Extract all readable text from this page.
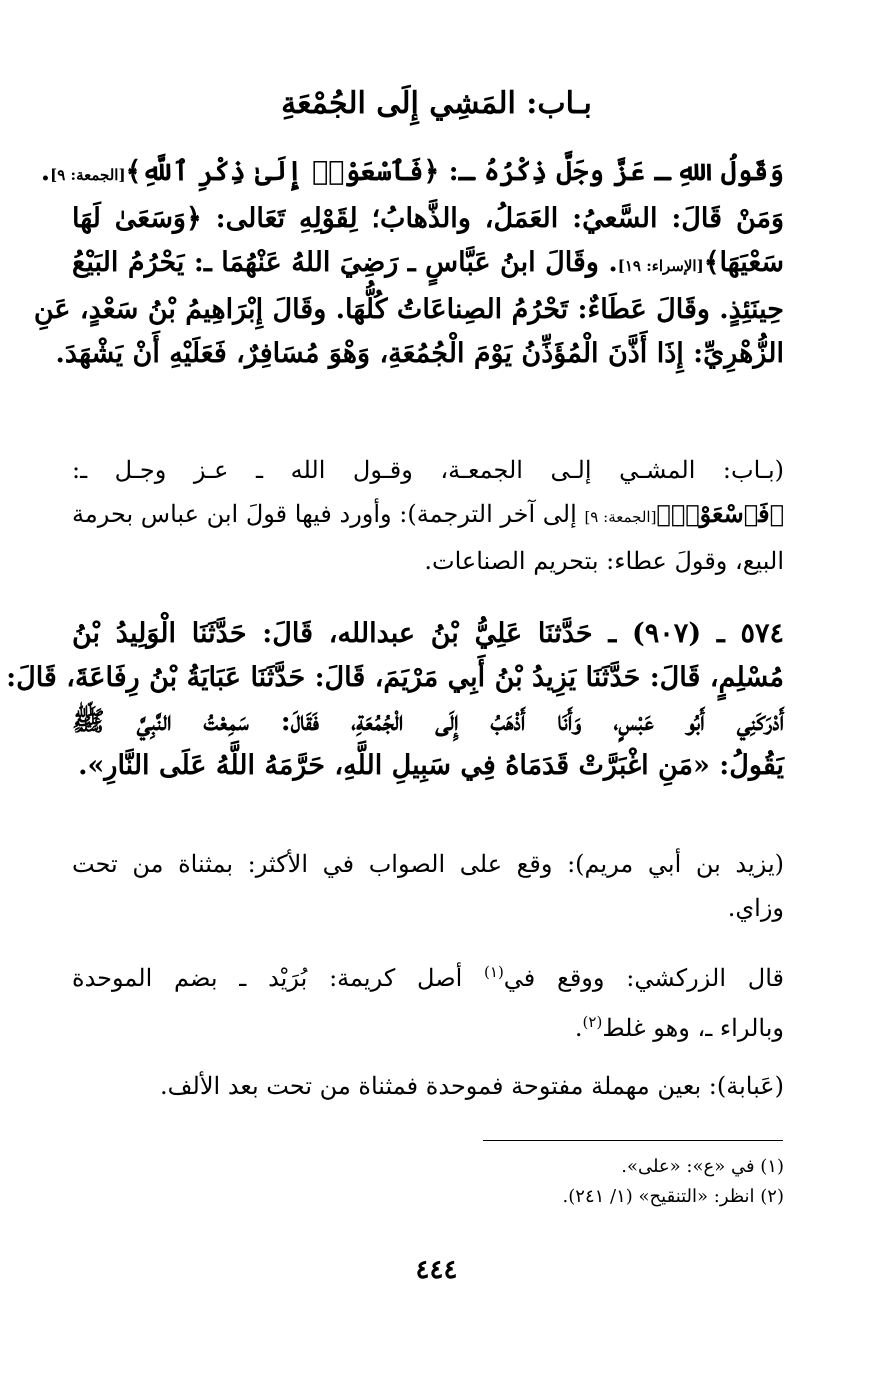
بـاب: المَشِي إِلَى الجُمْعَةِ
وَقَولُ اللهِ ـ عَزَّ وجَلَّ ذِكْرُهُ ـ: ﴿فَٱسْعَوْا۟ إِلَىٰ ذِكْرِ ٱللَّهِ﴾[الجمعة: ٩].
وَمَنْ قَالَ: السَّعيُ: العَمَلُ، والذَّهابُ؛ لِقَوْلِهِ تَعَالى: ﴿وَسَعَىٰ لَهَا
سَعْيَهَا﴾[الإسراء: ١٩]. وقَالَ ابنُ عَبَّاسٍ ـ رَضِيَ اللهُ عَنْهُمَا ـ: يَحْرُمُ البَيْعُ
حِينَئِذٍ. وقَالَ عَطَاءٌ: تَحْرُمُ الصِناعَاتُ كُلُّهَا. وقَالَ إِبْرَاهِيمُ بْنُ سَعْدٍ، عَنِ
الزُّهْرِيِّ: إِذَا أَذَّنَ الْمُؤَذِّنُ يَوْمَ الْجُمُعَةِ، وَهْوَ مُسَافِرٌ، فَعَلَيْهِ أَنْ يَشْهَدَ.
(بـاب: المشـي إلـى الجمعـة، وقـول الله ـ عـز وجـل ـ:
﴿فَٱسْعَوْا۟﴾[الجمعة: ٩] إلى آخر الترجمة): وأورد فيها قولَ ابن عباس بحرمة
البيع، وقولَ عطاء: بتحريم الصناعات.
٥٧٤ ـ (٩٠٧) ـ حَدَّثنَا عَلِيُّ بْنُ عبدالله، قَالَ: حَدَّثَنَا الْوَلِيدُ بْنُ
مُسْلِمٍ، قَالَ: حَدَّثَنَا يَزِيدُ بْنُ أَبِي مَرْيَمَ، قَالَ: حَدَّثَنَا عَبَايَةُ بْنُ رِفَاعَةَ، قَالَ:
أَدْرَكَنِي أَبُو عَبْسٍ، وَأَنَا أَذْهَبُ إِلَى الْجُمُعَةِ، فَقَالَ: سَمِعْتُ النَّبِيَّ ﷺ
يَقُولُ: «مَنِ اغْبَرَّتْ قَدَمَاهُ فِي سَبِيلِ اللَّهِ، حَرَّمَهُ اللَّهُ عَلَى النَّارِ».
(يزيد بن أبي مريم): وقع على الصواب في الأكثر: بمثناة من تحت
وزاي.
قال الزركشي: ووقع في$^{(١)}$ أصل كريمة: بُرَيْد ـ بضم الموحدة
وبالراء ـ، وهو غلط$^{(٢)}$.
(عَبابة): بعين مهملة مفتوحة فموحدة فمثناة من تحت بعد الألف.
(١) في «ع»: «على».
(٢) انظر: «التنقيح» (١/ ٢٤١).
٤٤٤
